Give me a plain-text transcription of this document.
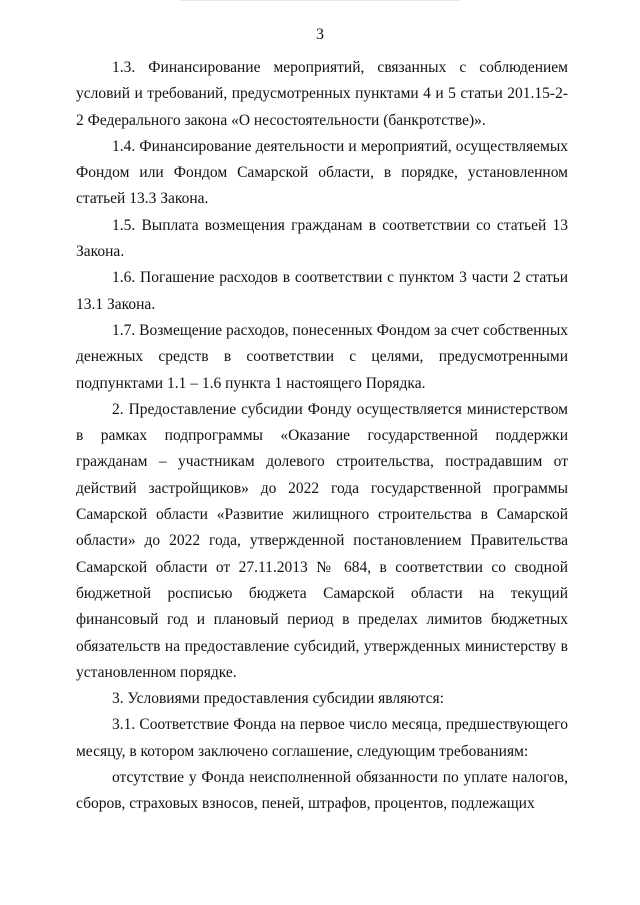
3

1.3. Финансирование мероприятий, связанных с соблюдением условий и требований, предусмотренных пунктами 4 и 5 статьи 201.15-2-2 Федерального закона «О несостоятельности (банкротстве)».

1.4. Финансирование деятельности и мероприятий, осуществляемых Фондом или Фондом Самарской области, в порядке, установленном статьей 13.3 Закона.

1.5. Выплата возмещения гражданам в соответствии со статьей 13 Закона.

1.6. Погашение расходов в соответствии с пунктом 3 части 2 статьи 13.1 Закона.

1.7. Возмещение расходов, понесенных Фондом за счет собственных денежных средств в соответствии с целями, предусмотренными подпунктами 1.1 – 1.6 пункта 1 настоящего Порядка.

2. Предоставление субсидии Фонду осуществляется министерством в рамках подпрограммы «Оказание государственной поддержки гражданам – участникам долевого строительства, пострадавшим от действий застройщиков» до 2022 года государственной программы Самарской области «Развитие жилищного строительства в Самарской области» до 2022 года, утвержденной постановлением Правительства Самарской области от 27.11.2013 № 684, в соответствии со сводной бюджетной росписью бюджета Самарской области на текущий финансовый год и плановый период в пределах лимитов бюджетных обязательств на предоставление субсидий, утвержденных министерству в установленном порядке.

3. Условиями предоставления субсидии являются:

3.1. Соответствие Фонда на первое число месяца, предшествующего месяцу, в котором заключено соглашение, следующим требованиям:

отсутствие у Фонда неисполненной обязанности по уплате налогов, сборов, страховых взносов, пеней, штрафов, процентов, подлежащих
